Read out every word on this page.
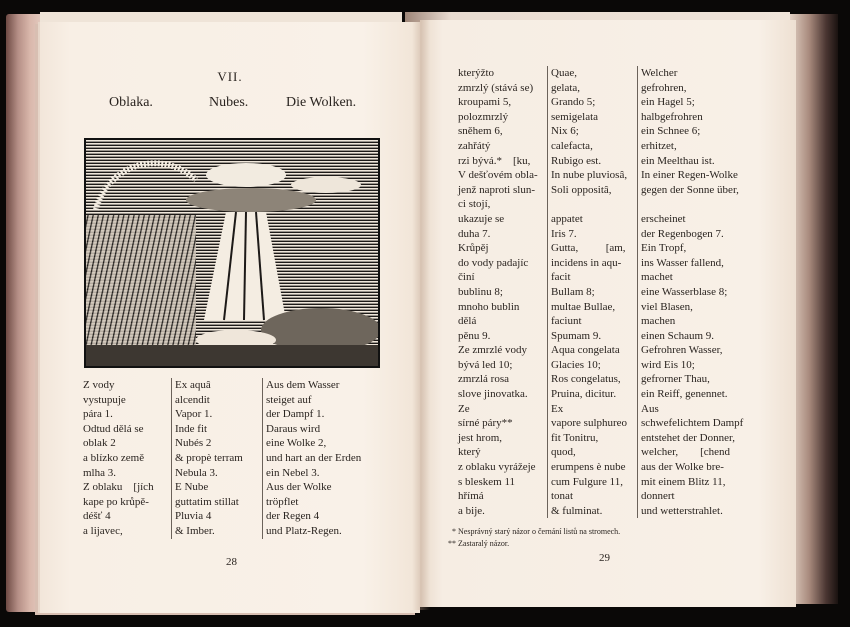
VII.
Oblaka.	Nubes.	Die Wolken.
Z vody
vystupuje
pára 1.
Odtud dělá se
oblak 2
a blízko země
mlha 3.
Z oblaku    [jích
kape po krůpě-
déšť 4
a lijavec,
Ex aquâ
alcendit
Vapor 1.
Inde fit
Nubés 2
& propè terram
Nebula 3.
E Nube
guttatim stillat
Pluvia 4
& Imber.
Aus dem Wasser
steiget auf
der Dampf 1.
Daraus wird
eine Wolke 2,
und hart an der Erden
ein Nebel 3.
Aus der Wolke
tröpflet
der Regen 4
und Platz-Regen.
28
kterýžto
zmrzlý (stává se)
kroupami 5,
polozmrzlý
sněhem 6,
zahřátý
rzi bývá.*    [ku,
V dešťovém obla-
jenž naproti slun-
ci stojí,
ukazuje se
duha 7.
Krůpěj
do vody padajíc
činí
bublinu 8;
mnoho bublin
dělá
pěnu 9.
Ze zmrzlé vody
bývá led 10;
zmrzlá rosa
slove jinovatka.
Ze
sírné páry**
jest hrom,
který
z oblaku vyrážeje
s bleskem 11
hřímá
a bije.
Quae,
gelata,
Grando 5;
semigelata
Nix 6;
calefacta,
Rubigo est.
In nube pluviosâ,
Soli oppositâ,
appatet
Iris 7.
Gutta,          [am,
incidens in aqu-
facit
Bullam 8;
multae Bullae,
faciunt
Spumam 9.
Aqua congelata
Glacies 10;
Ros congelatus,
Pruina, dicitur.
Ex
vapore sulphureo
fit Tonitru,
quod,
erumpens è nube
cum Fulgure 11,
tonat
& fulminat.
Welcher
gefrohren,
ein Hagel 5;
halbgefrohren
ein Schnee 6;
erhitzet,
ein Meelthau ist.
In einer Regen-Wolke
gegen der Sonne über,
erscheinet
der Regenbogen 7.
Ein Tropf,
ins Wasser fallend,
machet
eine Wasserblase 8;
viel Blasen,
machen
einen Schaum 9.
Gefrohren Wasser,
wird Eis 10;
gefrorner Thau,
ein Reiff, genennet.
Aus
schwefelichtem Dampf
entstehet der Donner,
welcher,        [chend
aus der Wolke bre-
mit einem Blitz 11,
donnert
und wetterstrahlet.
* Nesprávný starý názor o černání listů na stromech.
** Zastaralý názor.
29
